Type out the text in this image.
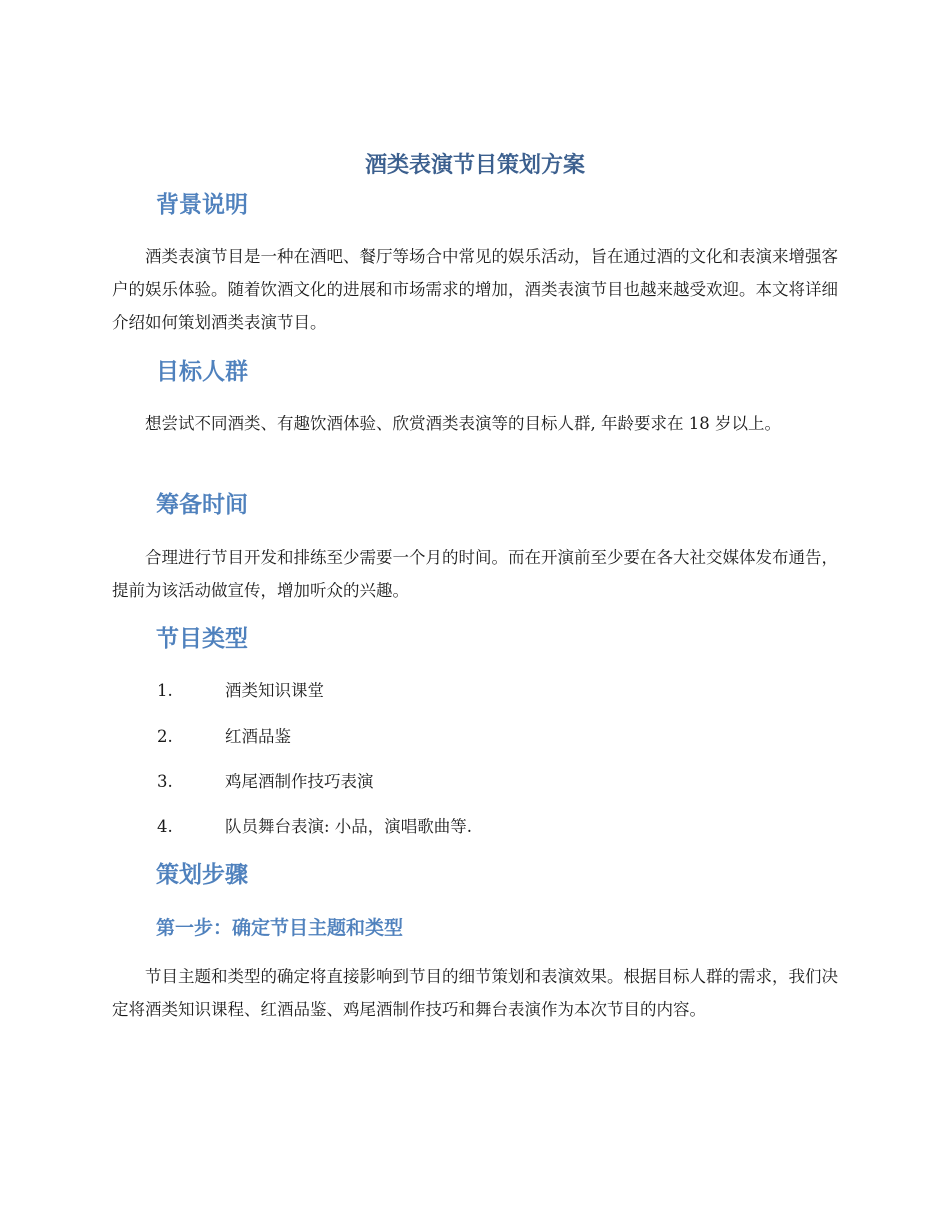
酒类表演节目策划方案
背景说明

酒类表演节目是一种在酒吧、餐厅等场合中常见的娱乐活动，旨在通过酒的文化和表演来增强客户的娱乐体验。随着饮酒文化的进展和市场需求的增加，酒类表演节目也越来越受欢迎。本文将详细介绍如何策划酒类表演节目。

目标人群

想尝试不同酒类、有趣饮酒体验、欣赏酒类表演等的目标人群, 年龄要求在 18 岁以上。

筹备时间

合理进行节目开发和排练至少需要一个月的时间。而在开演前至少要在各大社交媒体发布通告，提前为该活动做宣传，增加听众的兴趣。

节目类型
1.	酒类知识课堂
2.	红酒品鉴
3.	鸡尾酒制作技巧表演
4.	队员舞台表演: 小品，演唱歌曲等.
策划步骤
第一步：确定节目主题和类型

节目主题和类型的确定将直接影响到节目的细节策划和表演效果。根据目标人群的需求，我们决定将酒类知识课程、红酒品鉴、鸡尾酒制作技巧和舞台表演作为本次节目的内容。
